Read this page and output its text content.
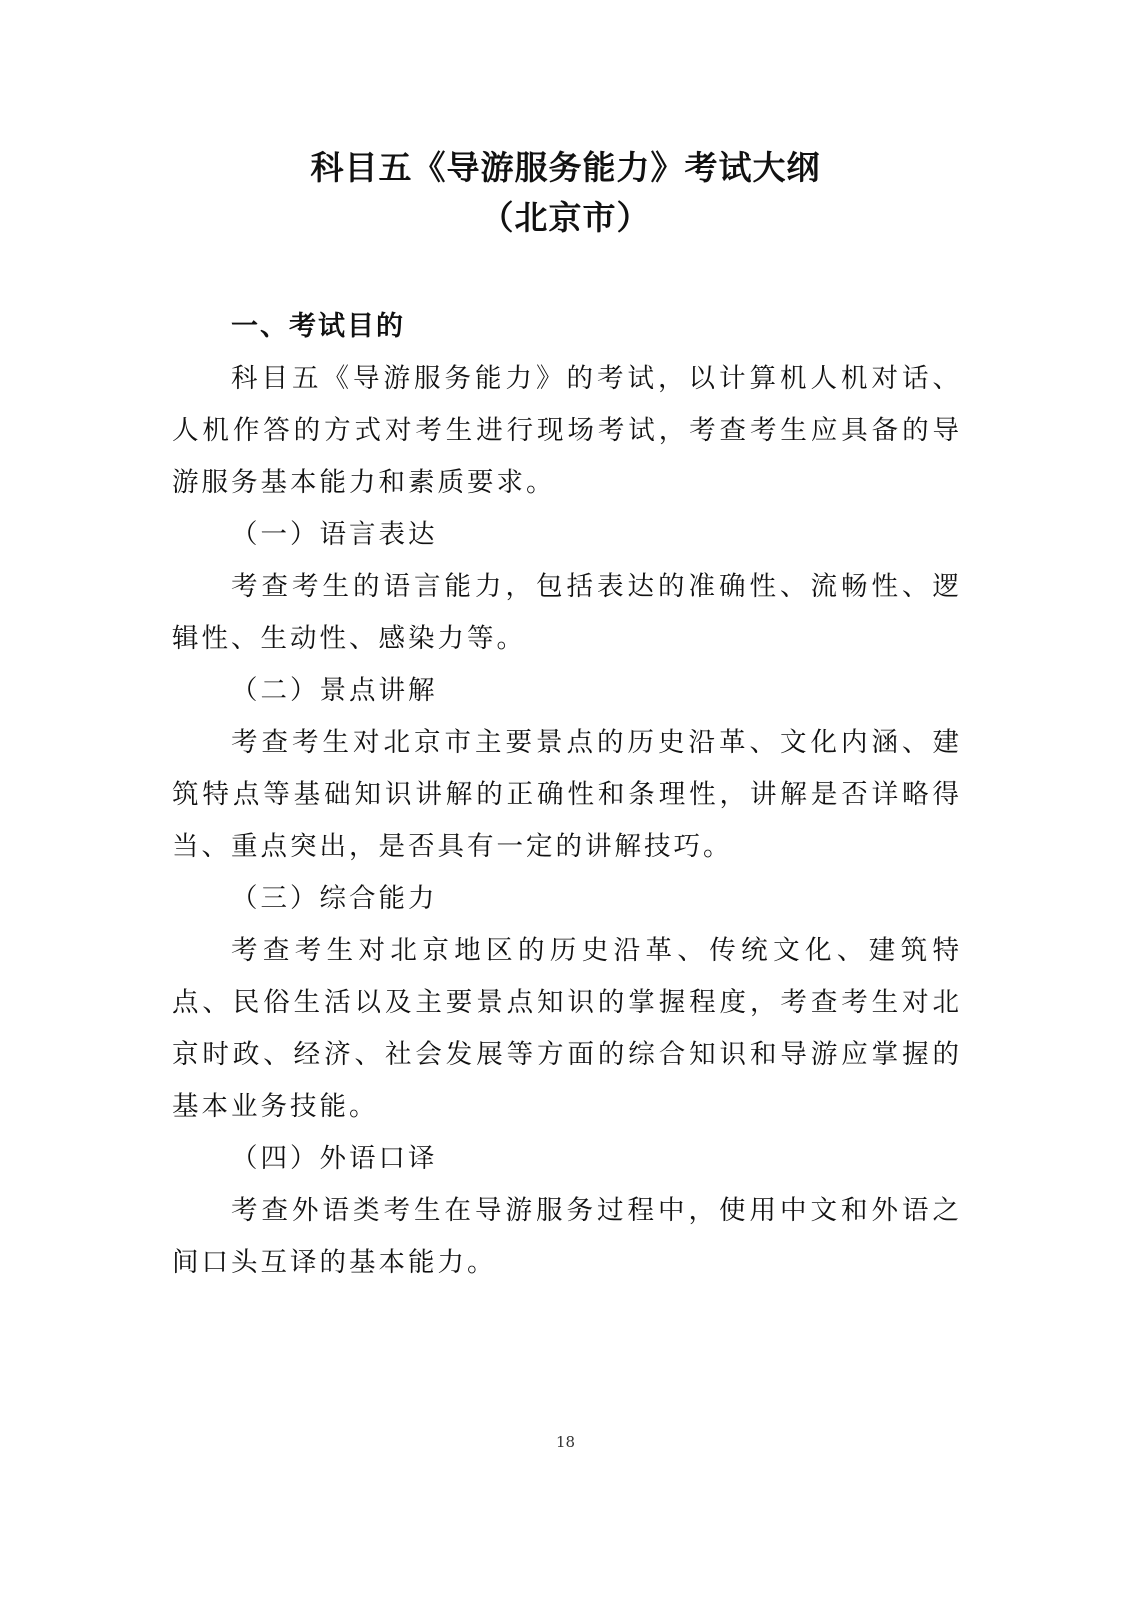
科目五《导游服务能力》考试大纲
（北京市）
一、考试目的

科目五《导游服务能力》的考试，以计算机人机对话、人机作答的方式对考生进行现场考试，考查考生应具备的导游服务基本能力和素质要求。

（一）语言表达

考查考生的语言能力，包括表达的准确性、流畅性、逻辑性、生动性、感染力等。

（二）景点讲解

考查考生对北京市主要景点的历史沿革、文化内涵、建筑特点等基础知识讲解的正确性和条理性，讲解是否详略得当、重点突出，是否具有一定的讲解技巧。

（三）综合能力

考查考生对北京地区的历史沿革、传统文化、建筑特点、民俗生活以及主要景点知识的掌握程度，考查考生对北京时政、经济、社会发展等方面的综合知识和导游应掌握的基本业务技能。

（四）外语口译

考查外语类考生在导游服务过程中，使用中文和外语之间口头互译的基本能力。

18
